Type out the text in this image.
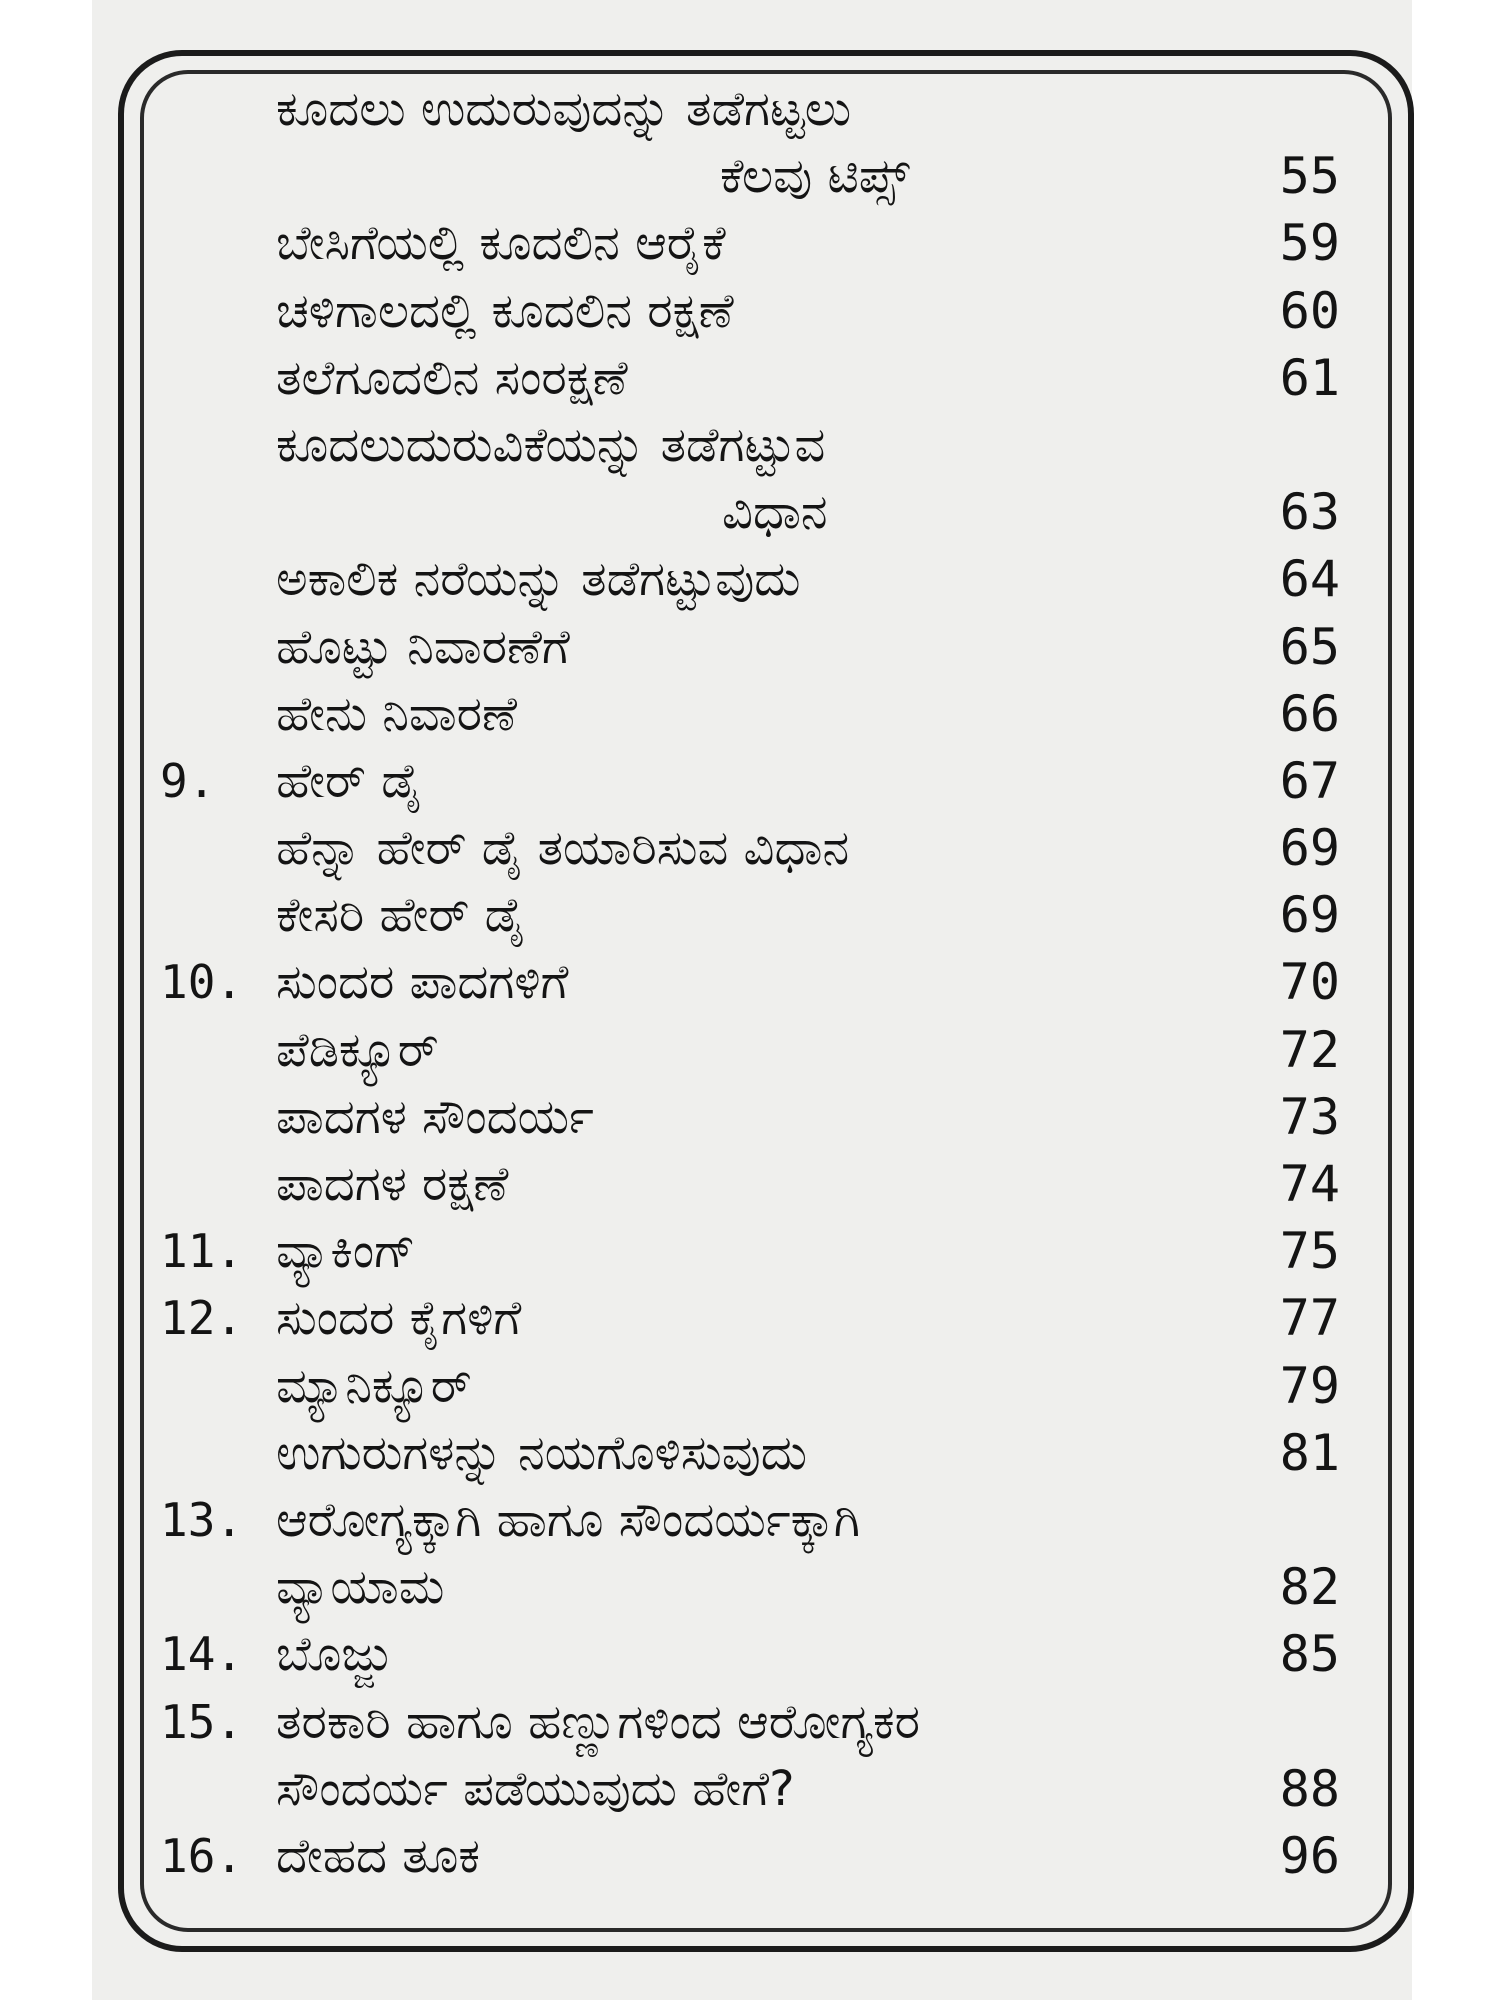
ಕೂದಲು ಉದುರುವುದನ್ನು ತಡೆಗಟ್ಟಲು
ಕೆಲವು ಟಿಪ್ಸ್	55
ಬೇಸಿಗೆಯಲ್ಲಿ ಕೂದಲಿನ ಆರೈಕೆ	59
ಚಳಿಗಾಲದಲ್ಲಿ ಕೂದಲಿನ ರಕ್ಷಣೆ	60
ತಲೆಗೂದಲಿನ ಸಂರಕ್ಷಣೆ	61
ಕೂದಲುದುರುವಿಕೆಯನ್ನು ತಡೆಗಟ್ಟುವ
ವಿಧಾನ	63
ಅಕಾಲಿಕ ನರೆಯನ್ನು ತಡೆಗಟ್ಟುವುದು	64
ಹೊಟ್ಟು ನಿವಾರಣೆಗೆ	65
ಹೇನು ನಿವಾರಣೆ	66
9. ಹೇರ್ ಡೈ	67
ಹೆನ್ನಾ ಹೇರ್ ಡೈ ತಯಾರಿಸುವ ವಿಧಾನ	69
ಕೇಸರಿ ಹೇರ್ ಡೈ	69
10. ಸುಂದರ ಪಾದಗಳಿಗೆ	70
ಪೆಡಿಕ್ಯೂರ್	72
ಪಾದಗಳ ಸೌಂದರ್ಯ	73
ಪಾದಗಳ ರಕ್ಷಣೆ	74
11. ವ್ಯಾಕಿಂಗ್	75
12. ಸುಂದರ ಕೈಗಳಿಗೆ	77
ಮ್ಯಾನಿಕ್ಯೂರ್	79
ಉಗುರುಗಳನ್ನು ನಯಗೊಳಿಸುವುದು	81
13. ಆರೋಗ್ಯಕ್ಕಾಗಿ ಹಾಗೂ ಸೌಂದರ್ಯಕ್ಕಾಗಿ
ವ್ಯಾಯಾಮ	82
14. ಬೊಜ್ಜು	85
15. ತರಕಾರಿ ಹಾಗೂ ಹಣ್ಣುಗಳಿಂದ ಆರೋಗ್ಯಕರ
ಸೌಂದರ್ಯ ಪಡೆಯುವುದು ಹೇಗೆ?	88
16. ದೇಹದ ತೂಕ	96
